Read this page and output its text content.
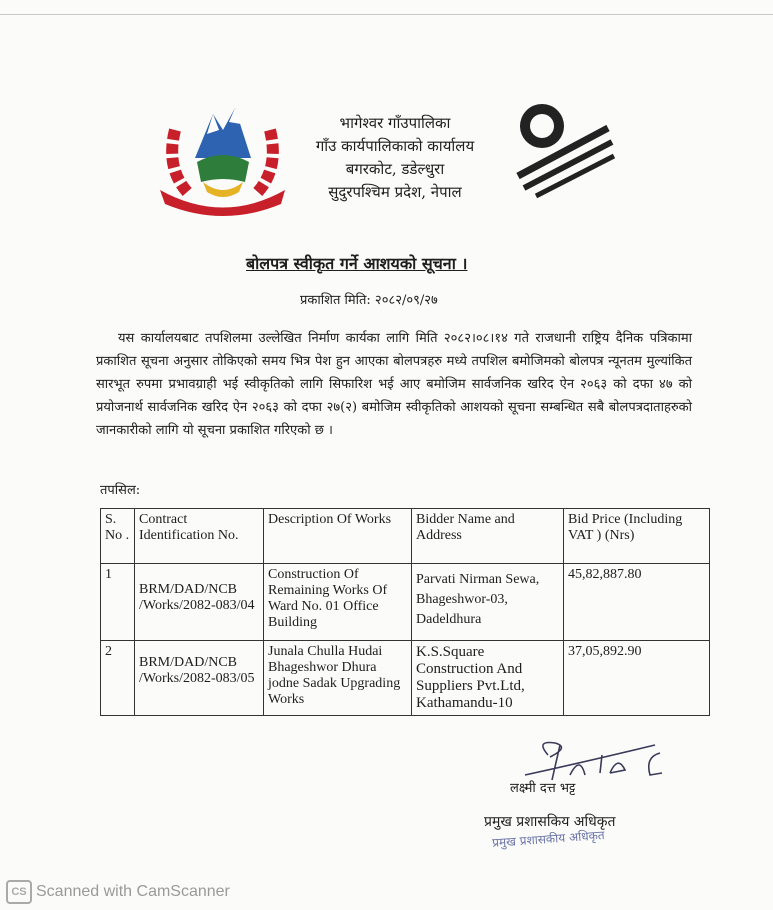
भागेश्वर गाँउपालिका
गाँउ कार्यपालिकाको कार्यालय
बगरकोट, डडेल्धुरा
सुदुरपश्चिम प्रदेश, नेपाल
बोलपत्र स्वीकृत गर्ने आशयको सूचना ।
प्रकाशित मिति: २०८२/०९/२७
यस कार्यालयबाट तपशिलमा उल्लेखित निर्माण कार्यका लागि मिति २०८२।०८।१४ गते राजधानी राष्ट्रिय दैनिक पत्रिकामा प्रकाशित सूचना अनुसार तोकिएको समय भित्र पेश हुन आएका बोलपत्रहरु मध्ये तपशिल बमोजिमको बोलपत्र न्यूनतम मुल्यांकित सारभूत रुपमा प्रभावग्राही भई स्वीकृतिको लागि सिफारिश भई आए बमोजिम सार्वजनिक खरिद ऐन २०६३ को दफा ४७ को प्रयोजनार्थ सार्वजनिक खरिद ऐन २०६३ को दफा २७(२) बमोजिम स्वीकृतिको आशयको सूचना सम्बन्धित सबै बोलपत्रदाताहरुको जानकारीको लागि यो सूचना प्रकाशित गरिएको छ ।
तपसिल:
S. No .	Contract Identification No.	Description Of Works	Bidder Name and Address	Bid Price (Including VAT ) (Nrs)
1	BRM/DAD/NCB /Works/2082-083/04	Construction Of Remaining Works Of Ward No. 01 Office Building	Parvati Nirman Sewa, Bhageshwor-03, Dadeldhura	45,82,887.80
2	BRM/DAD/NCB /Works/2082-083/05	Junala Chulla Hudai Bhageshwor Dhura jodne Sadak Upgrading Works	K.S.Square Construction And Suppliers Pvt.Ltd, Kathamandu-10	37,05,892.90
लक्ष्मी दत्त भट्ट
प्रमुख प्रशासकिय अधिकृत
प्रमुख प्रशासकीय अधिकृत
CS Scanned with CamScanner
